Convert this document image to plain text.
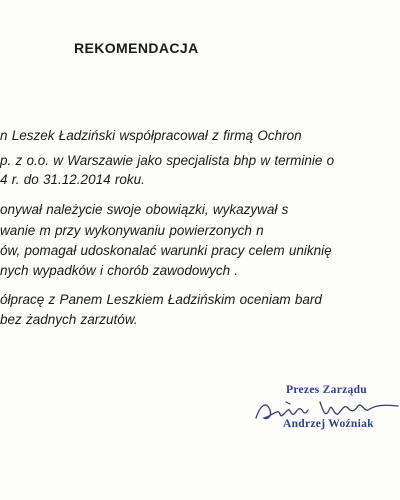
REKOMENDACJA
n Leszek Ładziński współpracował z firmą Ochron
p. z o.o. w Warszawie jako specjalista bhp w terminie o
4 r. do 31.12.2014 roku.
onywał należycie swoje obowiązki, wykazywał s
wanie m przy wykonywaniu powierzonych n
ów, pomagał udoskonalać warunki pracy celem uniknię
nych wypadków i chorób zawodowych .
ółpracę z Panem Leszkiem Ładzińskim oceniam bard
bez żadnych zarzutów.
Prezes Zarządu
Andrzej Woźniak
